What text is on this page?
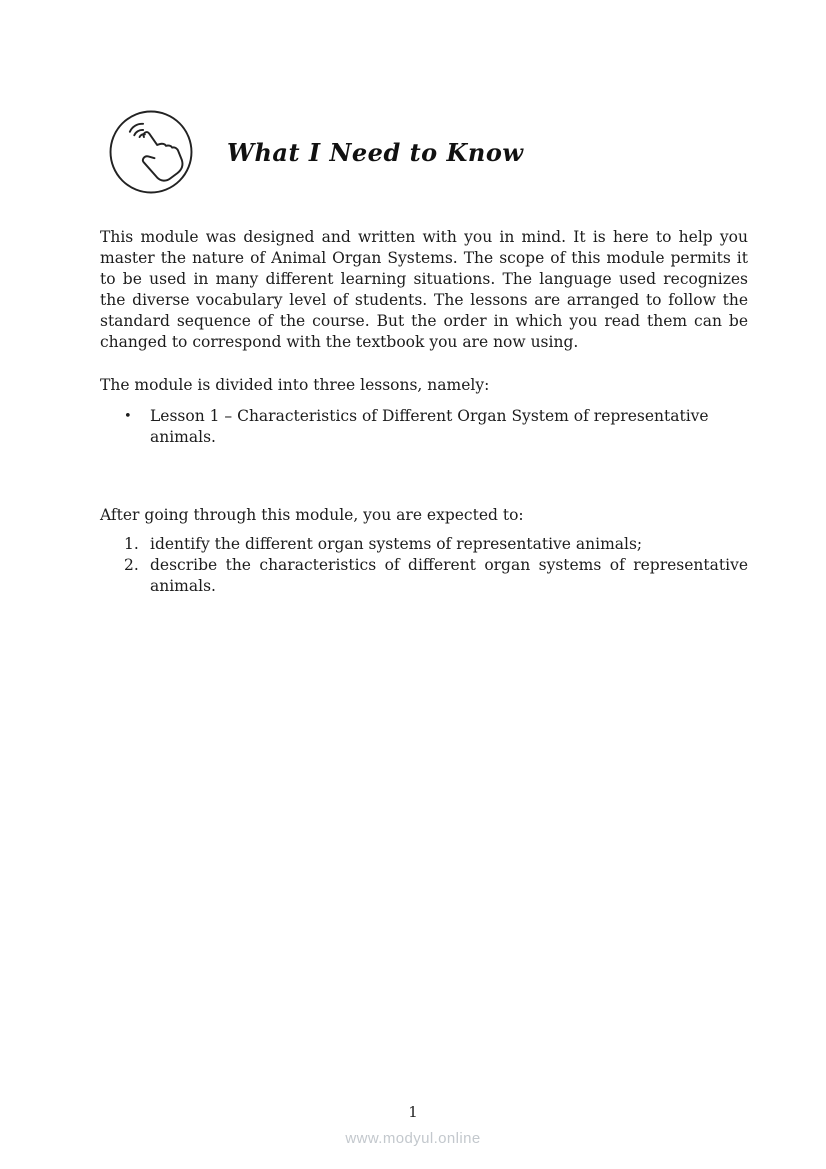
What I Need to Know

This module was designed and written with you in mind. It is here to help you master the nature of Animal Organ Systems. The scope of this module permits it to be used in many different learning situations. The language used recognizes the diverse vocabulary level of students. The lessons are arranged to follow the standard sequence of the course. But the order in which you read them can be changed to correspond with the textbook you are now using.

The module is divided into three lessons, namely:

•	Lesson 1 – Characteristics of Different Organ System of representative animals.

After going through this module, you are expected to:

1. identify the different organ systems of representative animals;
2. describe the characteristics of different organ systems of representative animals.
1
www.modyul.online
